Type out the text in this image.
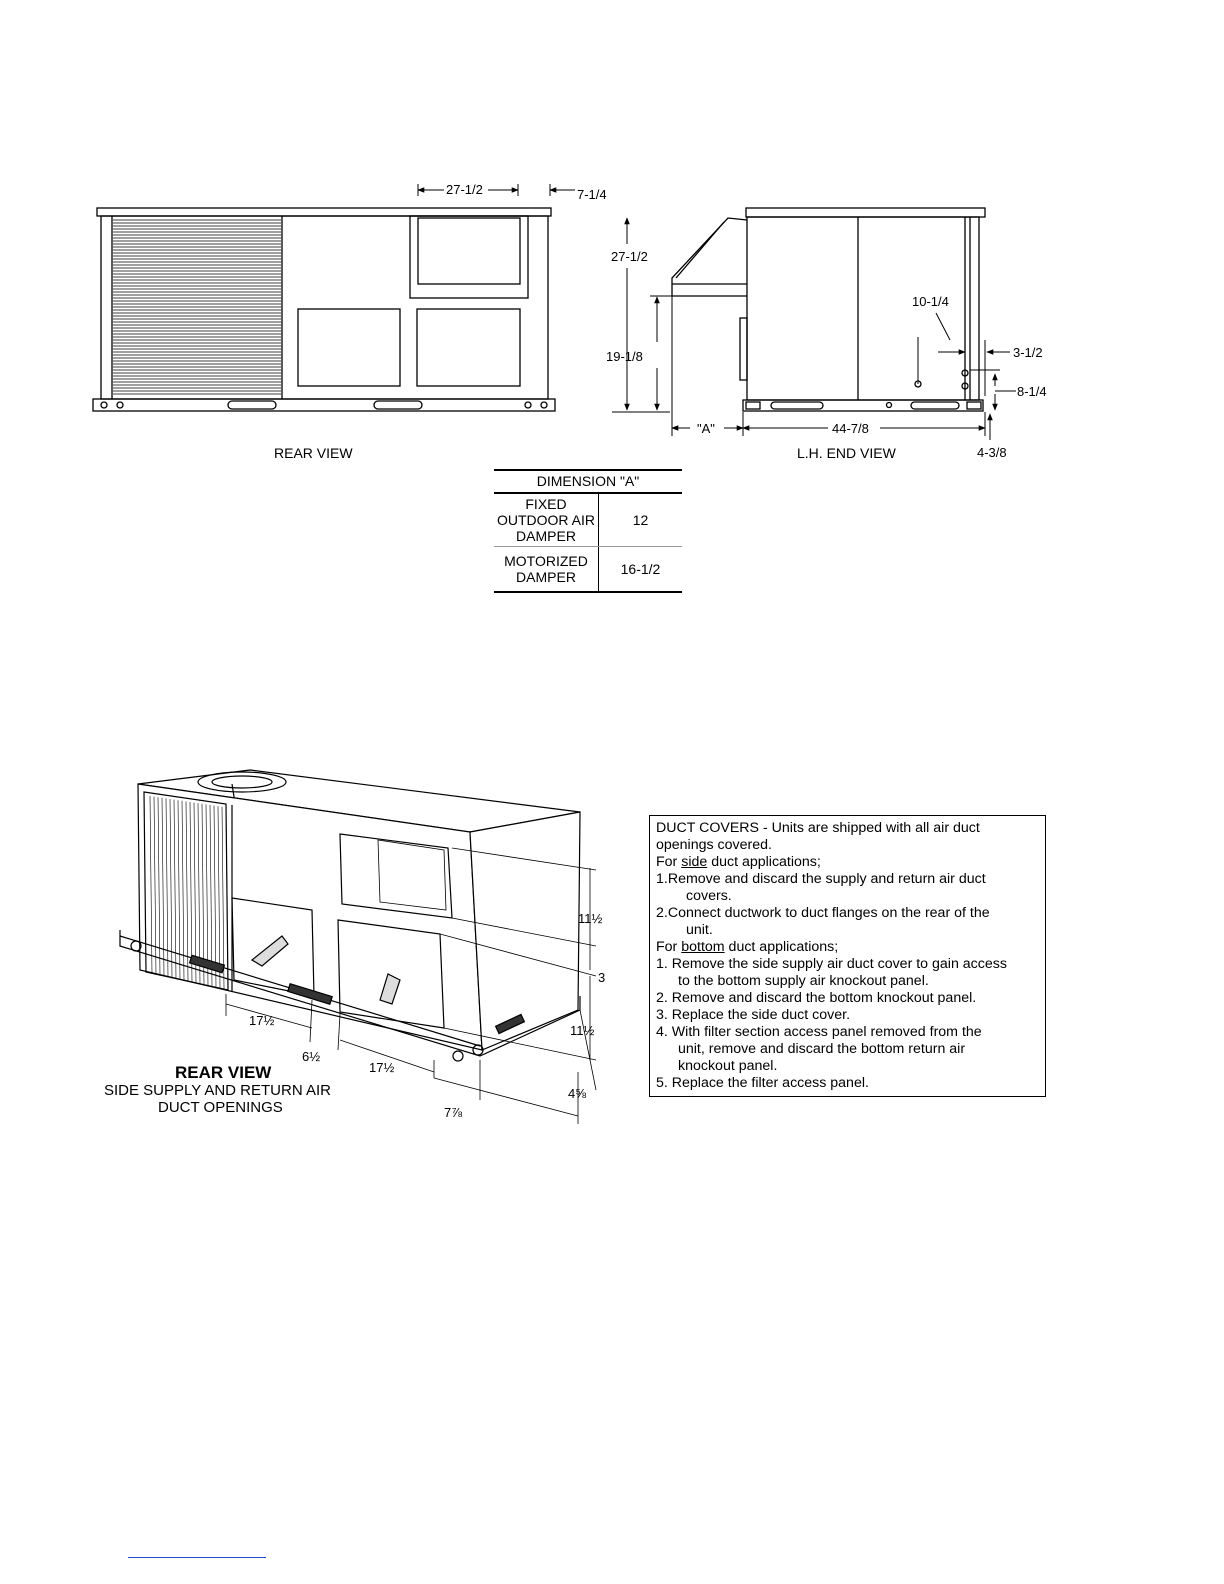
27-1/2	7-1/4
27-1/2
19-1/8
10-1/4
3-1/2
8-1/4
"A"	44-7/8
4-3/8
REAR VIEW	L.H. END VIEW
DIMENSION "A"	
FIXED OUTDOOR AIR DAMPER	12
MOTORIZED DAMPER	16-1/2
11½
3
11½
17½
6½
17½
4⅝
7⅞
REAR VIEW
SIDE SUPPLY AND RETURN AIR
DUCT OPENINGS
DUCT COVERS - Units are shipped with all air duct
openings covered.
For side duct applications;
1.Remove and discard the supply and return air duct
covers.
2.Connect ductwork to duct flanges on the rear of the
unit.
For bottom duct applications;
1. Remove the side supply air duct cover to gain access
to the bottom supply air knockout panel.
2. Remove and discard the bottom knockout panel.
3. Replace the side duct cover.
4. With filter section access panel removed from the
unit, remove and discard the bottom return air
knockout panel.
5. Replace the filter access panel.
